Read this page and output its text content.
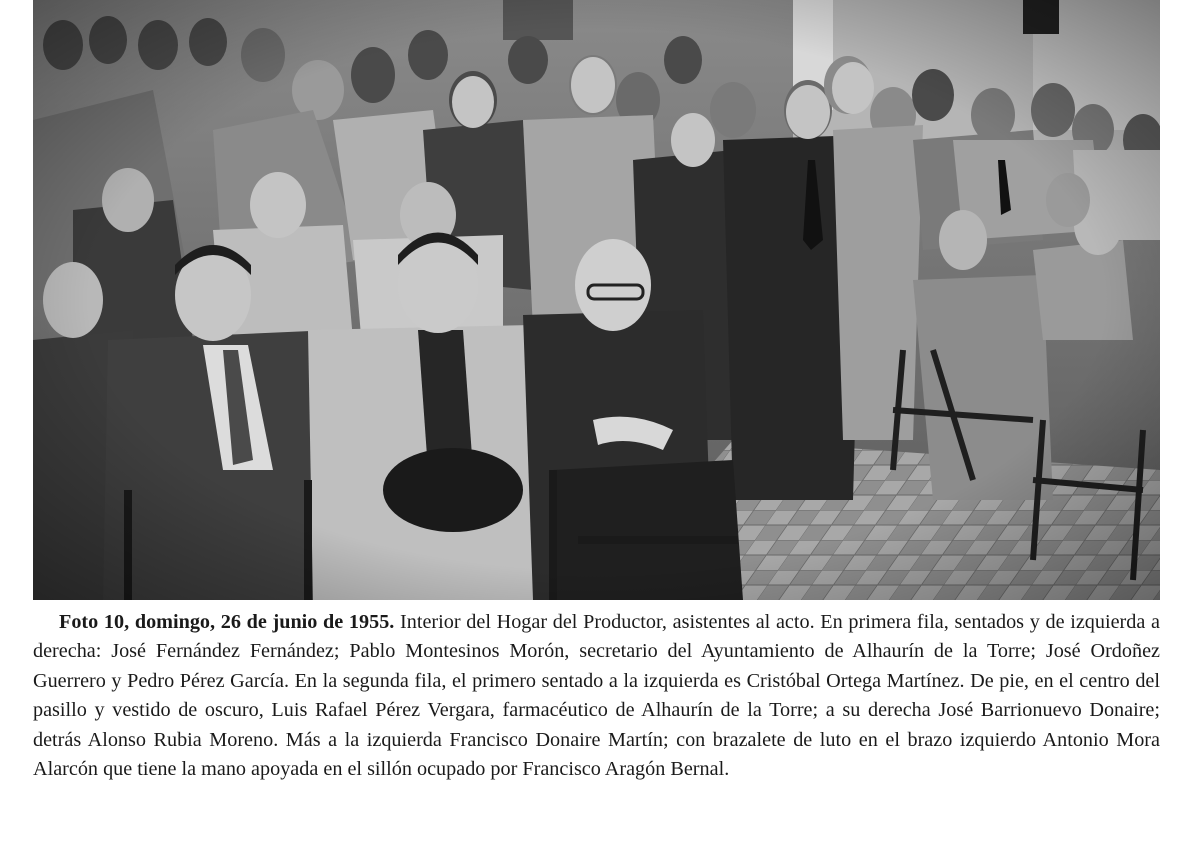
Foto 10, domingo, 26 de junio de 1955. Interior del Hogar del Productor, asistentes al acto. En primera fila, sentados y de izquierda a derecha: José Fernández Fernández; Pablo Montesinos Morón, secretario del Ayuntamiento de Alhaurín de la Torre; José Ordoñez Guerrero y Pedro Pérez García. En la segunda fila, el primero sentado a la izquierda es Cristóbal Ortega Martínez. De pie, en el centro del pasillo y vestido de oscuro, Luis Rafael Pérez Vergara, farmacéutico de Alhaurín de la Torre; a su derecha José Barrionuevo Donaire; detrás Alonso Rubia Moreno. Más a la izquierda Francisco Donaire Martín; con brazalete de luto en el brazo izquierdo Antonio Mora Alarcón que tiene la mano apoyada en el sillón ocupado por Francisco Aragón Bernal.
